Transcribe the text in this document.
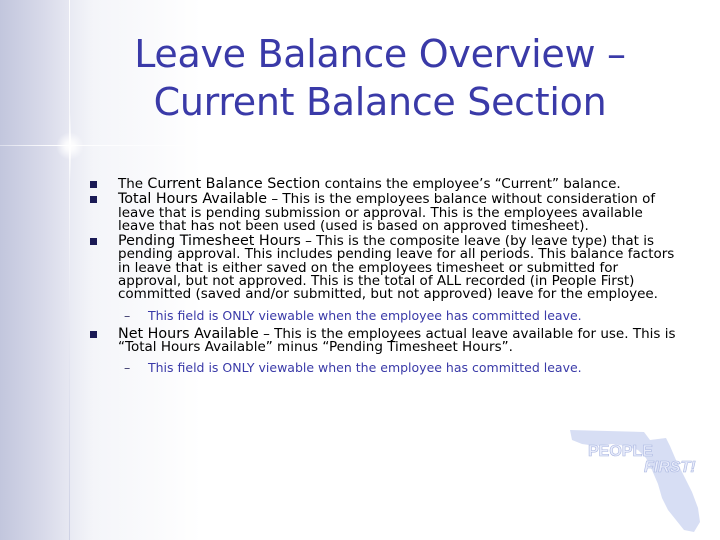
Leave Balance Overview –
Current Balance Section
The Current Balance Section contains the employee’s “Current” balance.
Total Hours Available – This is the employees balance without consideration of leave that is pending submission or approval. This is the employees available leave that has not been used (used is based on approved timesheet).
Pending Timesheet Hours – This is the composite leave (by leave type) that is pending approval. This includes pending leave for all periods. This balance factors in leave that is either saved on the employees timesheet or submitted for approval, but not approved. This is the total of ALL recorded (in People First) committed (saved and/or submitted, but not approved) leave for the employee.
– This field is ONLY viewable when the employee has committed leave.
Net Hours Available – This is the employees actual leave available for use. This is “Total Hours Available” minus “Pending Timesheet Hours”.
– This field is ONLY viewable when the employee has committed leave.
PEOPLE
FIRST!
